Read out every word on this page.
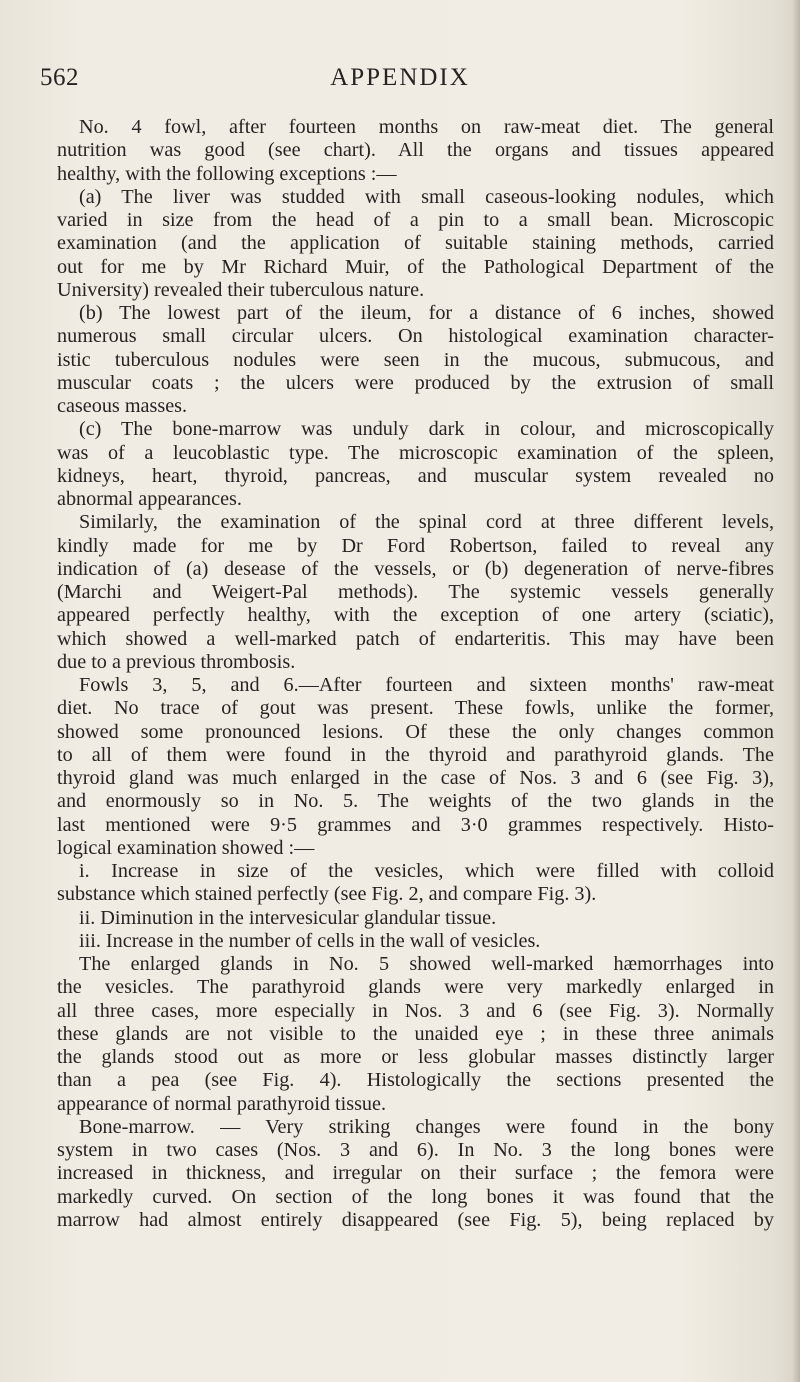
562	APPENDIX
No. 4 fowl, after fourteen months on raw-meat diet. The general
nutrition was good (see chart). All the organs and tissues appeared
healthy, with the following exceptions :—
(a) The liver was studded with small caseous-looking nodules, which
varied in size from the head of a pin to a small bean. Microscopic
examination (and the application of suitable staining methods, carried
out for me by Mr Richard Muir, of the Pathological Department of the
University) revealed their tuberculous nature.
(b) The lowest part of the ileum, for a distance of 6 inches, showed
numerous small circular ulcers. On histological examination character-
istic tuberculous nodules were seen in the mucous, submucous, and
muscular coats ; the ulcers were produced by the extrusion of small
caseous masses.
(c) The bone-marrow was unduly dark in colour, and microscopically
was of a leucoblastic type. The microscopic examination of the spleen,
kidneys, heart, thyroid, pancreas, and muscular system revealed no
abnormal appearances.
Similarly, the examination of the spinal cord at three different levels,
kindly made for me by Dr Ford Robertson, failed to reveal any
indication of (a) desease of the vessels, or (b) degeneration of nerve-fibres
(Marchi and Weigert-Pal methods). The systemic vessels generally
appeared perfectly healthy, with the exception of one artery (sciatic),
which showed a well-marked patch of endarteritis. This may have been
due to a previous thrombosis.
Fowls 3, 5, and 6.—After fourteen and sixteen months' raw-meat
diet. No trace of gout was present. These fowls, unlike the former,
showed some pronounced lesions. Of these the only changes common
to all of them were found in the thyroid and parathyroid glands. The
thyroid gland was much enlarged in the case of Nos. 3 and 6 (see Fig. 3),
and enormously so in No. 5. The weights of the two glands in the
last mentioned were 9·5 grammes and 3·0 grammes respectively. Histo-
logical examination showed :—
i. Increase in size of the vesicles, which were filled with colloid
substance which stained perfectly (see Fig. 2, and compare Fig. 3).
ii. Diminution in the intervesicular glandular tissue.
iii. Increase in the number of cells in the wall of vesicles.
The enlarged glands in No. 5 showed well-marked hæmorrhages into
the vesicles. The parathyroid glands were very markedly enlarged in
all three cases, more especially in Nos. 3 and 6 (see Fig. 3). Normally
these glands are not visible to the unaided eye ; in these three animals
the glands stood out as more or less globular masses distinctly larger
than a pea (see Fig. 4). Histologically the sections presented the
appearance of normal parathyroid tissue.
Bone-marrow. — Very striking changes were found in the bony
system in two cases (Nos. 3 and 6). In No. 3 the long bones were
increased in thickness, and irregular on their surface ; the femora were
markedly curved. On section of the long bones it was found that the
marrow had almost entirely disappeared (see Fig. 5), being replaced by
